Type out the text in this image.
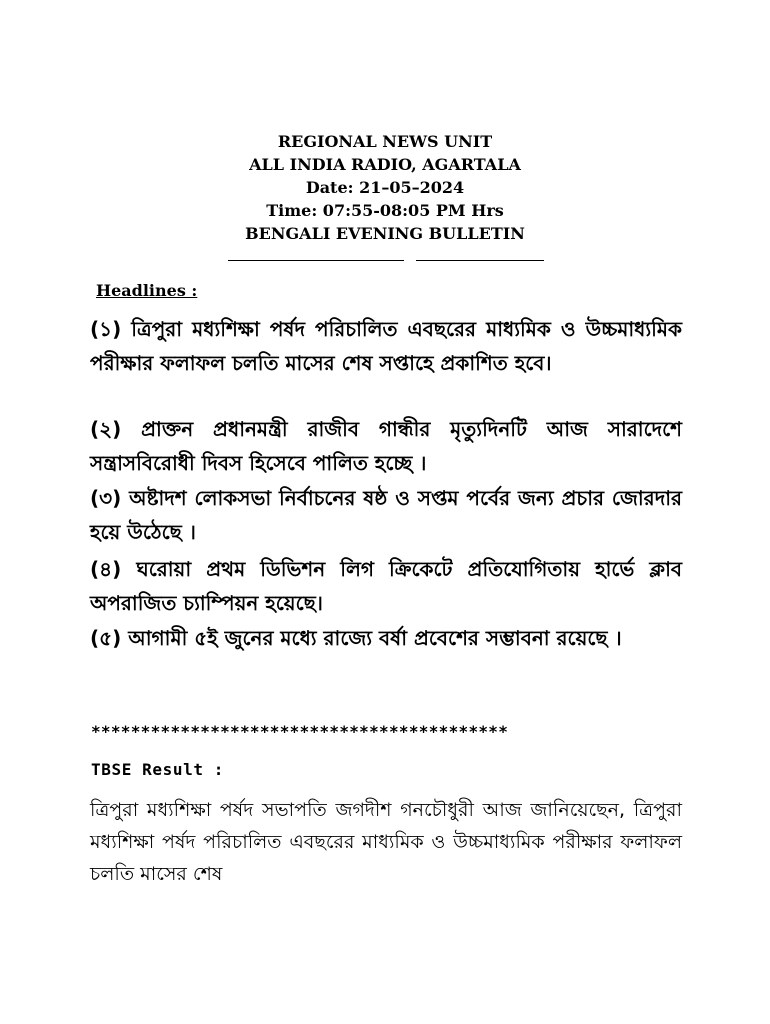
REGIONAL NEWS UNIT
ALL INDIA RADIO, AGARTALA
Date: 21–05–2024
Time: 07:55-08:05 PM Hrs
BENGALI EVENING BULLETIN
Headlines :
(১) ত্রিপুরা মধ্যশিক্ষা পর্ষদ পরিচালিত এবছরের মাধ্যমিক ও উচ্চমাধ্যমিক পরীক্ষার ফলাফল চলতি মাসের শেষ সপ্তাহে প্রকাশিত হবে।
(২) প্রাক্তন প্রধানমন্ত্রী রাজীব গান্ধীর মৃত্যুদিনটি আজ সারাদেশে সন্ত্রাসবিরোধী দিবস হিসেবে পালিত হচ্ছে ।
(৩) অষ্টাদশ লোকসভা নির্বাচনের ষষ্ঠ ও সপ্তম পর্বের জন্য প্রচার জোরদার হয়ে উঠেছে ।
(৪) ঘরোয়া প্রথম ডিভিশন লিগ ক্রিকেটে প্রতিযোগিতায় হার্ভে ক্লাব অপরাজিত চ্যাম্পিয়ন হয়েছে।
(৫) আগামী ৫ই জুনের মধ্যে রাজ্যে বর্ষা প্রবেশের সম্ভাবনা রয়েছে ।
******************************************
TBSE Result :
ত্রিপুরা মধ্যশিক্ষা পর্ষদ সভাপতি জগদীশ গনচৌধুরী আজ জানিয়েছেন, ত্রিপুরা মধ্যশিক্ষা পর্ষদ পরিচালিত এবছরের মাধ্যমিক ও উচ্চমাধ্যমিক পরীক্ষার ফলাফল চলতি মাসের শেষ
